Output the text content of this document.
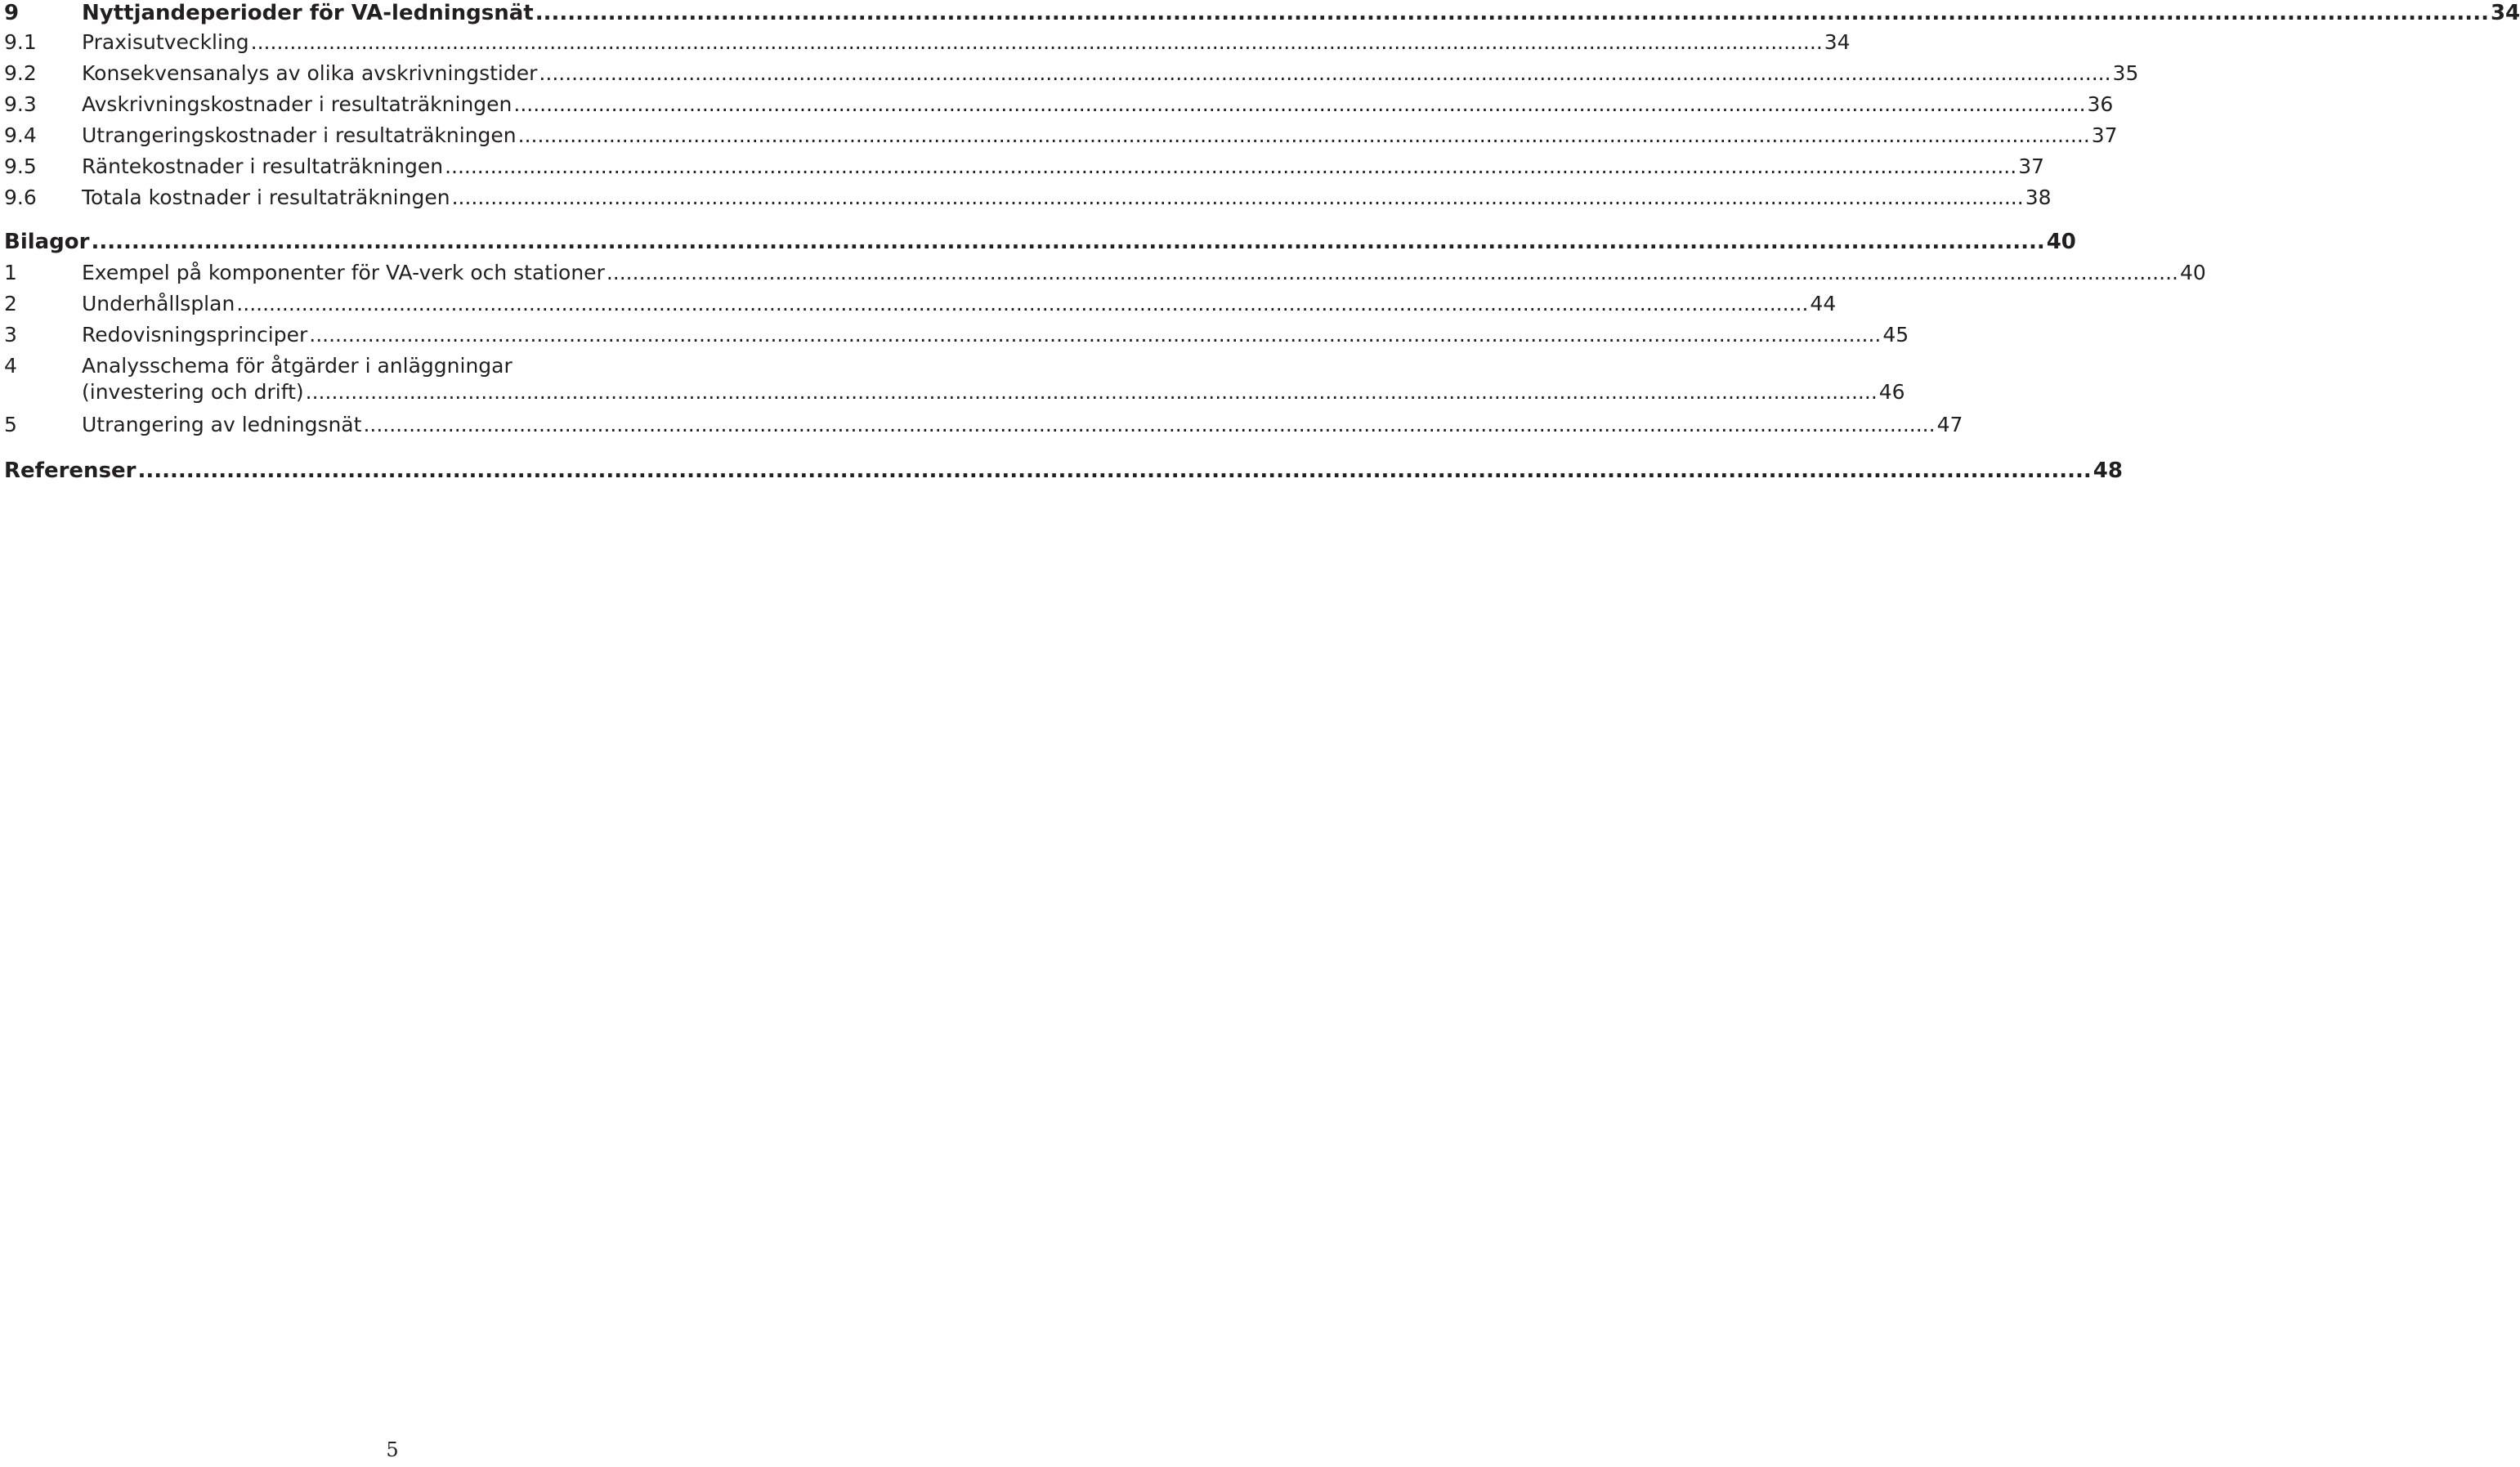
9	Nyttjandeperioder för VA-ledningsnät .....	34
9.1	Praxisutveckling .....	34
9.2	Konsekvensanalys av olika avskrivningstider .....	35
9.3	Avskrivningskostnader i resultaträkningen .....	36
9.4	Utrangeringskostnader i resultaträkningen .....	37
9.5	Räntekostnader i resultaträkningen .....	37
9.6	Totala kostnader i resultaträkningen .....	38
Bilagor .....	40
1	Exempel på komponenter för VA-verk och stationer .....	40
2	Underhållsplan .....	44
3	Redovisningsprinciper .....	45
4	Analysschema för åtgärder i anläggningar
(investering och drift) .....	46
5	Utrangering av ledningsnät .....	47
Referenser .....	48
5
